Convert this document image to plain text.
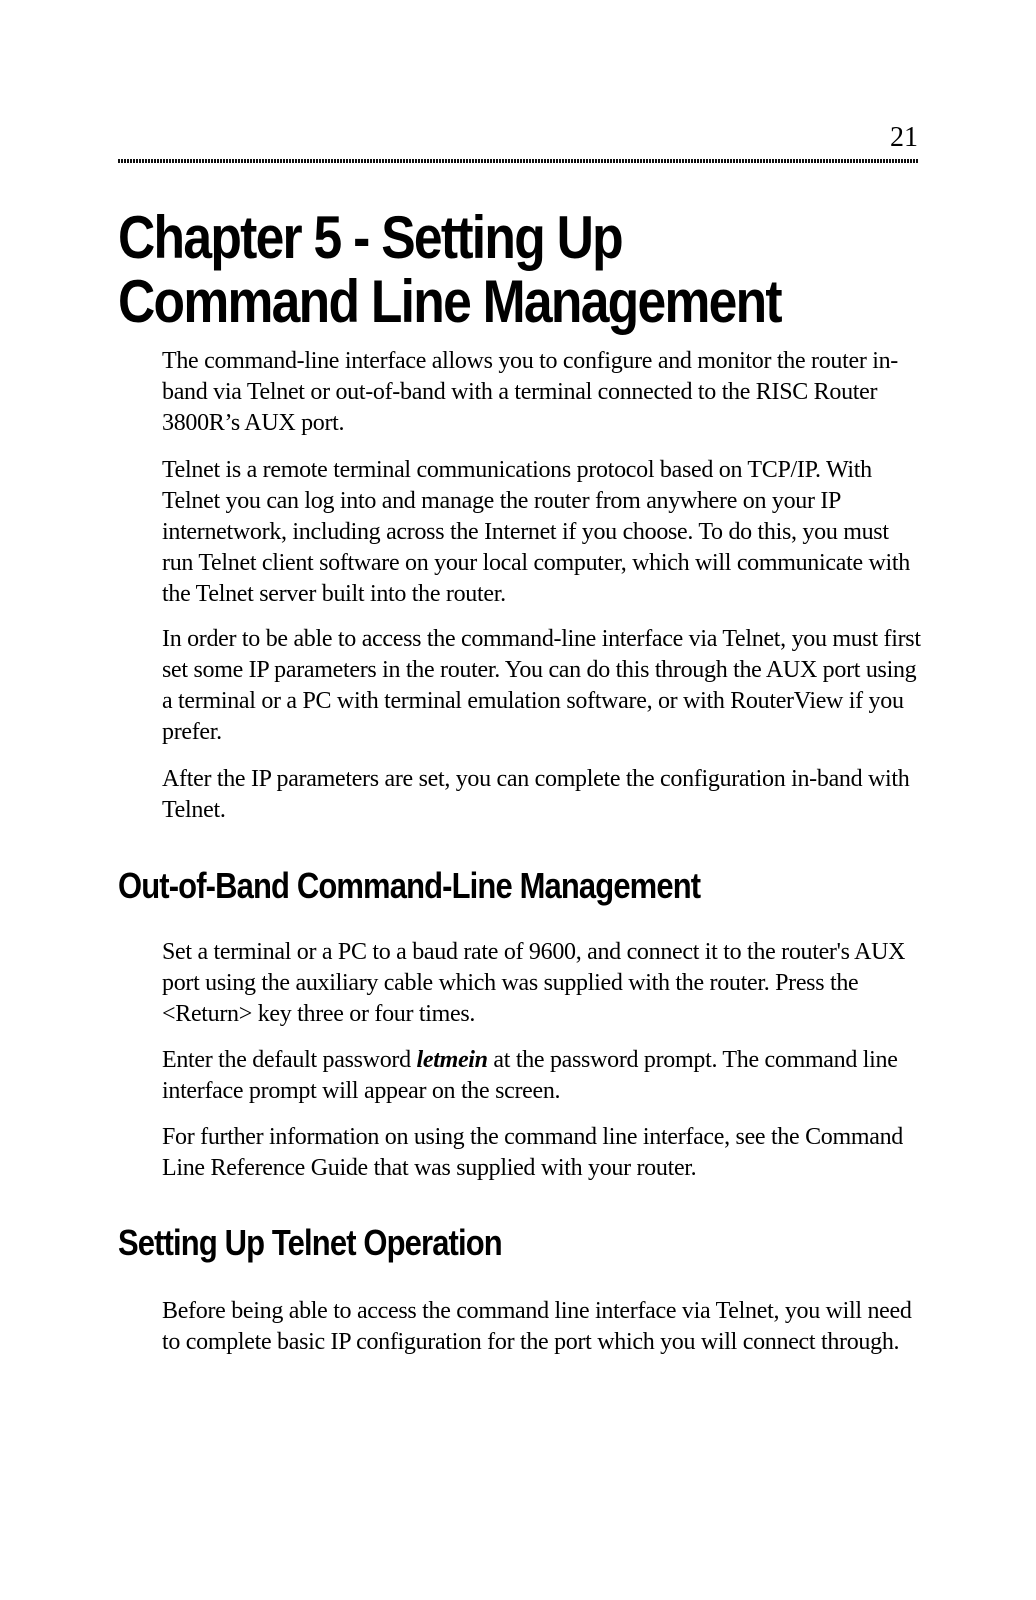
21
Chapter 5 - Setting Up
Command Line Management

The command-line interface allows you to configure and monitor the router in-band via Telnet or out-of-band with a terminal connected to the RISC Router 3800R’s AUX port.

Telnet is a remote terminal communications protocol based on TCP/IP. With Telnet you can log into and manage the router from anywhere on your IP internetwork, including across the Internet if you choose. To do this, you must run Telnet client software on your local computer, which will communicate with the Telnet server built into the router.

In order to be able to access the command-line interface via Telnet, you must first set some IP parameters in the router. You can do this through the AUX port using a terminal or a PC with terminal emulation software, or with RouterView if you prefer.

After the IP parameters are set, you can complete the configuration in-band with Telnet.

Out-of-Band Command-Line Management

Set a terminal or a PC to a baud rate of 9600, and connect it to the router's AUX port using the auxiliary cable which was supplied with the router. Press the <Return> key three or four times.

Enter the default password letmein at the password prompt. The command line interface prompt will appear on the screen.

For further information on using the command line interface, see the Command Line Reference Guide that was supplied with your router.

Setting Up Telnet Operation

Before being able to access the command line interface via Telnet, you will need to complete basic IP configuration for the port which you will connect through.
